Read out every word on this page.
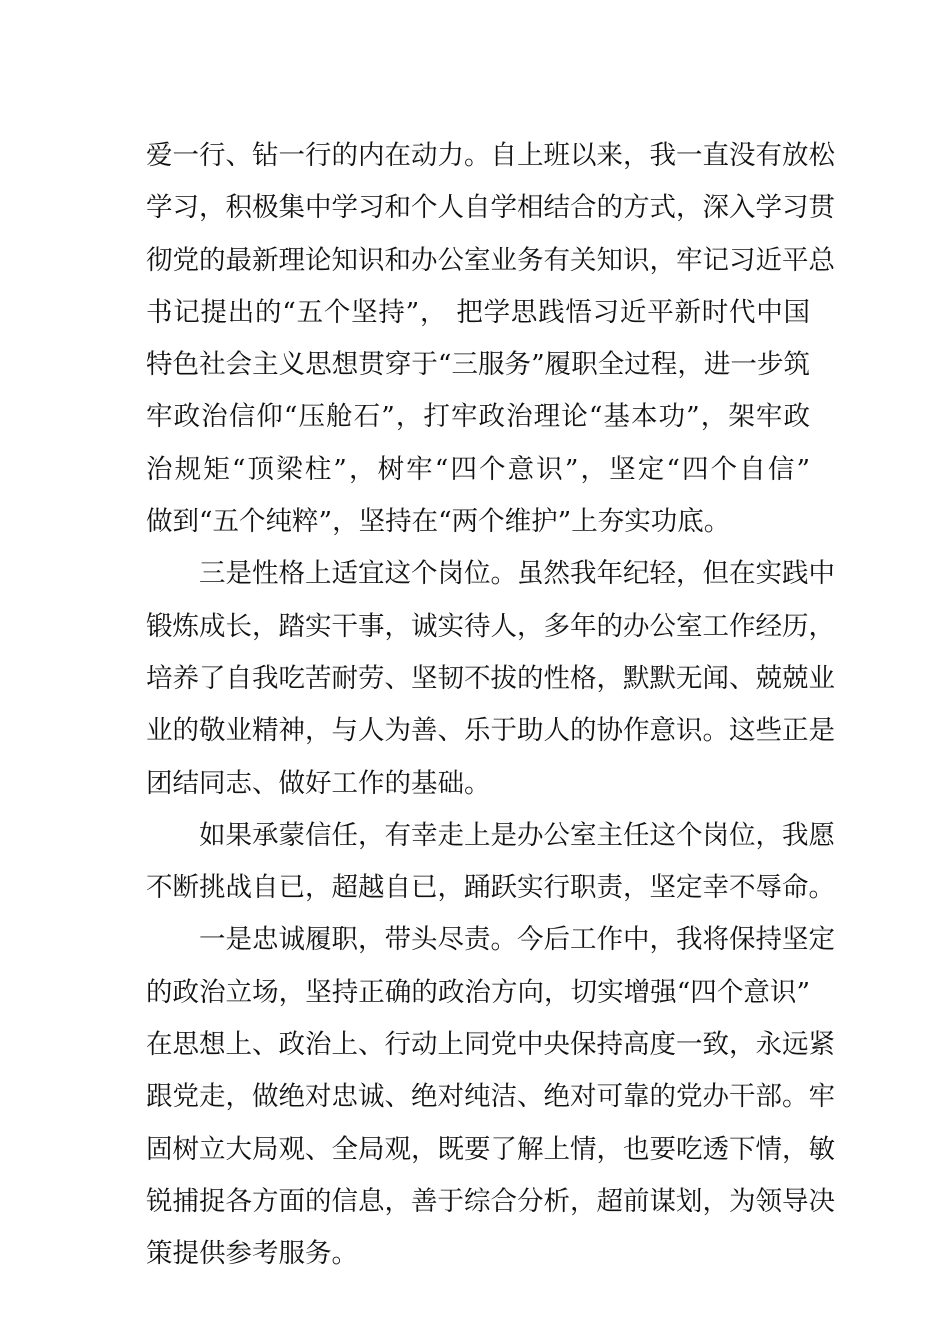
爱一行、钻一行的内在动力。自上班以来，我一直没有放松
学习，积极集中学习和个人自学相结合的方式，深入学习贯
彻党的最新理论知识和办公室业务有关知识，牢记习近平总
书记提出的“五个坚持”， 把学思践悟习近平新时代中国
特色社会主义思想贯穿于“三服务”履职全过程，进一步筑
牢政治信仰“压舱石”，打牢政治理论“基本功”，架牢政
治规矩“顶梁柱”，树牢“四个意识”，坚定“四个自信”
做到“五个纯粹”，坚持在“两个维护”上夯实功底。

三是性格上适宜这个岗位。虽然我年纪轻，但在实践中
锻炼成长，踏实干事，诚实待人，多年的办公室工作经历，
培养了自我吃苦耐劳、坚韧不拔的性格，默默无闻、兢兢业
业的敬业精神，与人为善、乐于助人的协作意识。这些正是
团结同志、做好工作的基础。

如果承蒙信任，有幸走上是办公室主任这个岗位，我愿
不断挑战自已，超越自已，踊跃实行职责，坚定幸不辱命。

一是忠诚履职，带头尽责。今后工作中，我将保持坚定
的政治立场，坚持正确的政治方向，切实增强“四个意识”
在思想上、政治上、行动上同党中央保持高度一致，永远紧
跟党走，做绝对忠诚、绝对纯洁、绝对可靠的党办干部。牢
固树立大局观、全局观，既要了解上情，也要吃透下情，敏
锐捕捉各方面的信息，善于综合分析，超前谋划，为领导决
策提供参考服务。
